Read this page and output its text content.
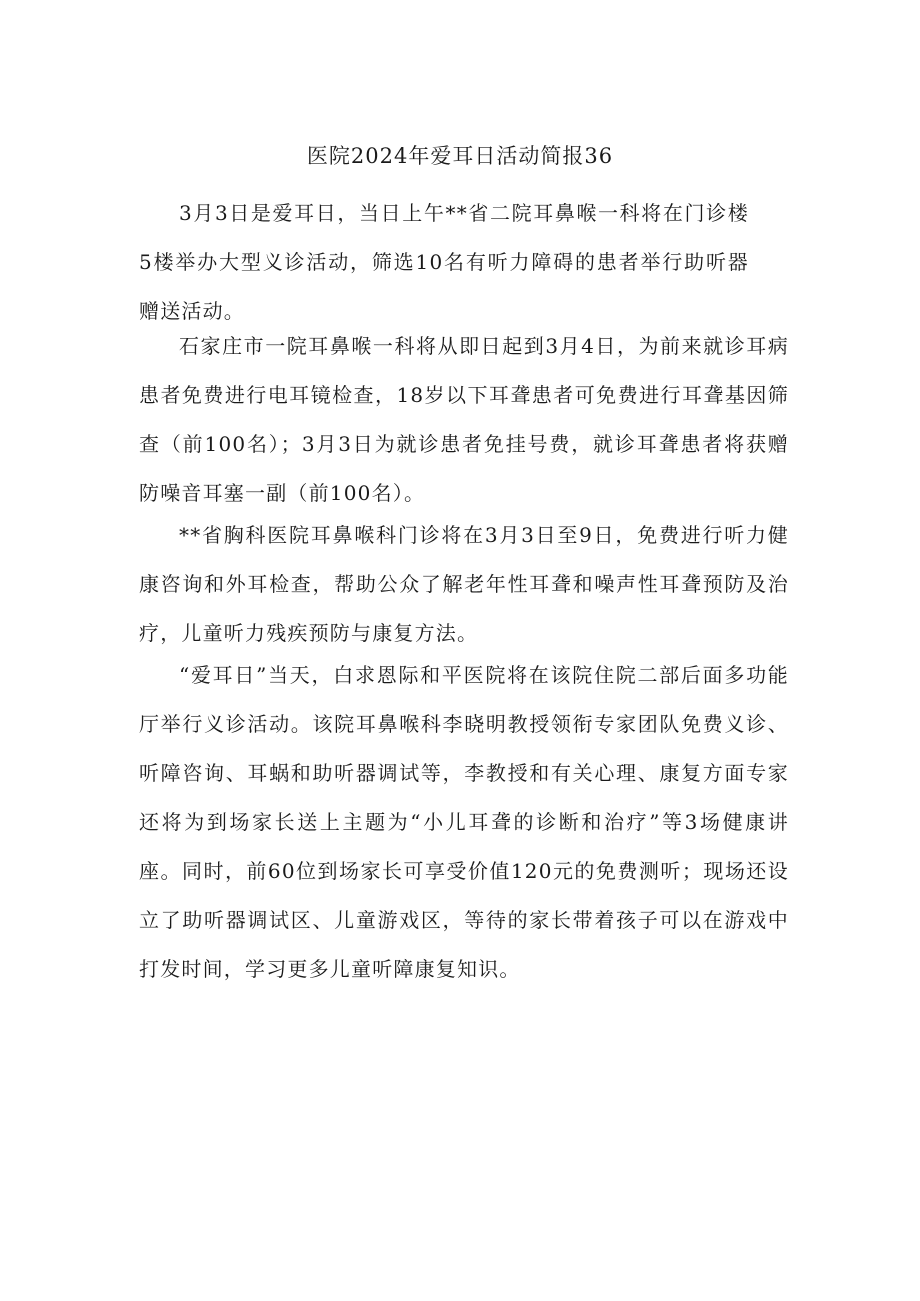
医院2024年爱耳日活动简报36

3月3日是爱耳日，当日上午**省二院耳鼻喉一科将在门诊楼5楼举办大型义诊活动，筛选10名有听力障碍的患者举行助听器赠送活动。

石家庄市一院耳鼻喉一科将从即日起到3月4日，为前来就诊耳病患者免费进行电耳镜检查，18岁以下耳聋患者可免费进行耳聋基因筛查（前100名）；3月3日为就诊患者免挂号费，就诊耳聋患者将获赠防噪音耳塞一副（前100名）。

**省胸科医院耳鼻喉科门诊将在3月3日至9日，免费进行听力健康咨询和外耳检查，帮助公众了解老年性耳聋和噪声性耳聋预防及治疗，儿童听力残疾预防与康复方法。

“爱耳日”当天，白求恩际和平医院将在该院住院二部后面多功能厅举行义诊活动。该院耳鼻喉科李晓明教授领衔专家团队免费义诊、听障咨询、耳蜗和助听器调试等，李教授和有关心理、康复方面专家还将为到场家长送上主题为“小儿耳聋的诊断和治疗”等3场健康讲座。同时，前60位到场家长可享受价值120元的免费测听；现场还设立了助听器调试区、儿童游戏区，等待的家长带着孩子可以在游戏中打发时间，学习更多儿童听障康复知识。
